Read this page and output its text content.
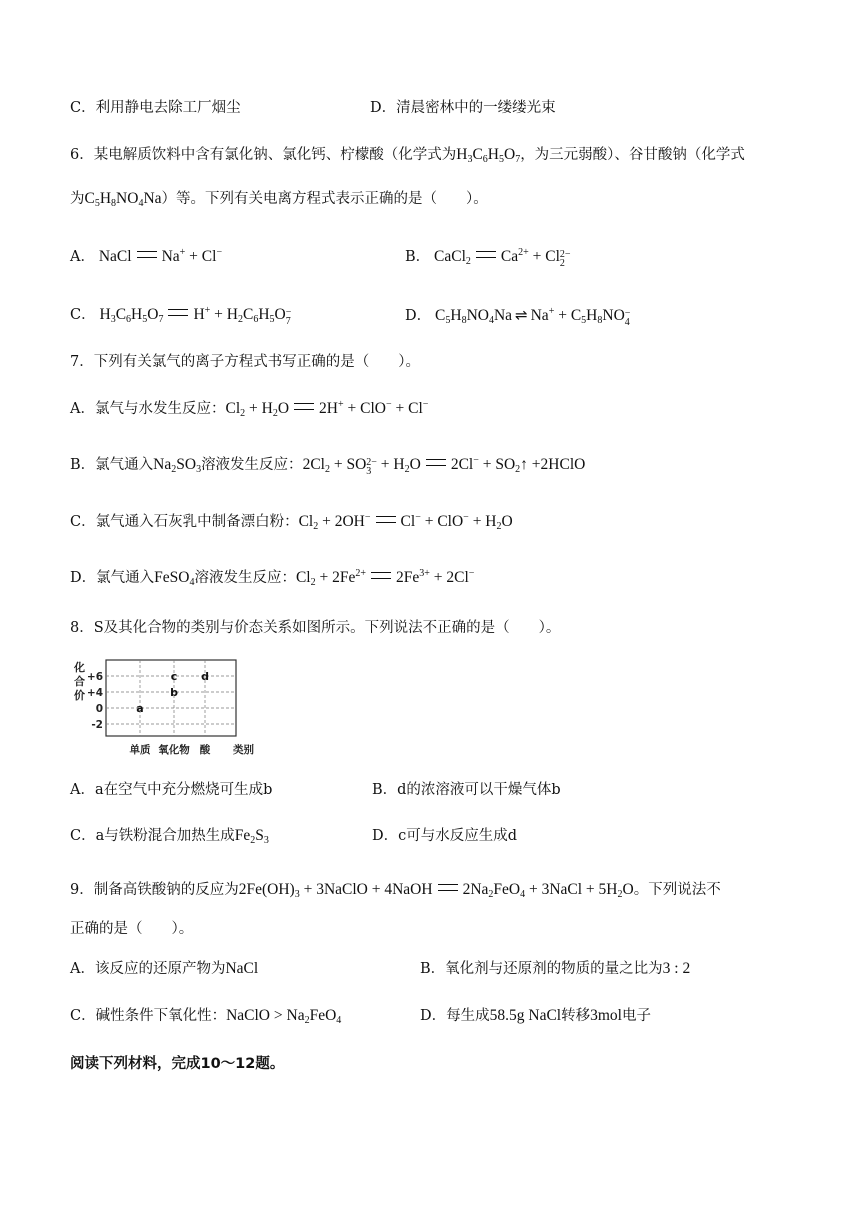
C．利用静电去除工厂烟尘	D．清晨密林中的一缕缕光束
6．某电解质饮料中含有氯化钠、氯化钙、柠檬酸（化学式为$H_3C_6H_5O_7$，为三元弱酸）、谷甘酸钠（化学式
为$C_5H_8NO_4Na$）等。下列有关电离方程式表示正确的是（　　）。
A． NaCl Na+ + Cl−	B． CaCl$_2$ $Ca^{2+} + Cl$ 2−
2
C． $H_3C_6H_5O_7$ $H^+ + H_2C_6H_5O$ −
7	D． $C_5H_8NO_4Na$ ⇌ $Na^+ + C_5H_8NO$ −
4
7．下列有关氯气的离子方程式书写正确的是（　　）。
A．氯气与水发生反应：$Cl_2 + H_2O$ 2H+ + ClO− + Cl−
B．氯气通入$Na_2SO_3$溶液发生反应：$2Cl_2$ + SO 2−
$3 + H_2O$ $2Cl^- + SO_2↑$ +2HClO
C．氯气通入石灰乳中制备漂白粉：$Cl_2 + 2OH^-$ $Cl^- + ClO^- + H_2O$
D．氯气通入FeSO$_4$溶液发生反应：$Cl_2 + 2Fe^{2+}$ $2Fe^{3+} + 2Cl^-$
8．S及其化合物的类别与价态关系如图所示。下列说法不正确的是（　　）。
化
合
价
+6
+4
0
-2
单质 氧化物 酸 类别
a
b
c d
A．a在空气中充分燃烧可生成b	B．d的浓溶液可以干燥气体b
C．a与铁粉混合加热生成$Fe_2S_3$	D．c可与水反应生成d
9．制备高铁酸钠的反应为$2Fe(OH)_3$ + 3NaClO + 4NaOH $2Na_2FeO_4$ + 3NaCl + $5H_2O$。下列说法不
正确的是（　　）。
A．该反应的还原产物为NaCl	B．氧化剂与还原剂的物质的量之比为3 : 2
C．碱性条件下氧化性：NaClO > $Na_2FeO_4$	D．每生成58.5g NaCl转移3mol电子
阅读下列材料，完成10～12题。
